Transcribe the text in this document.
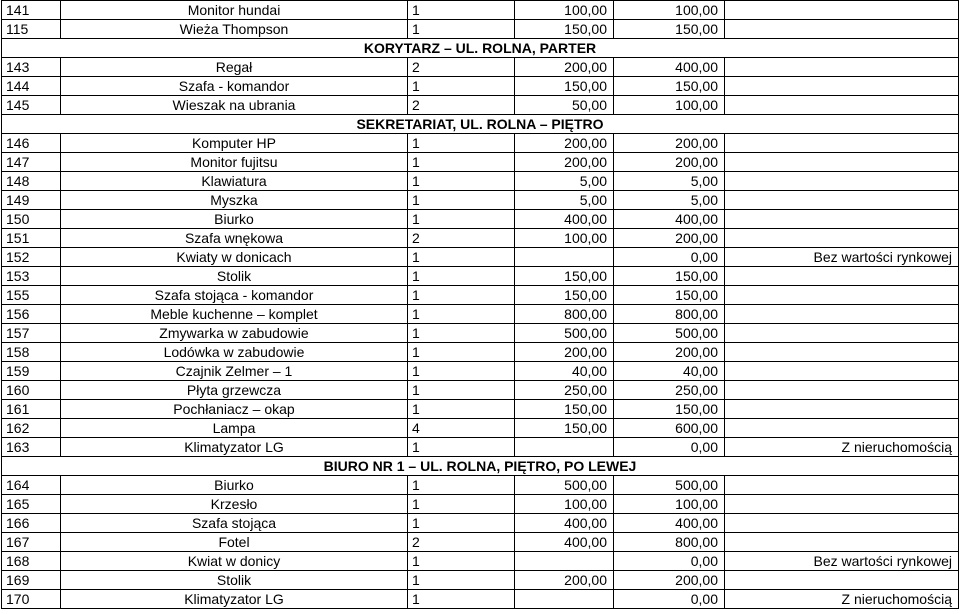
141	Monitor hundai	1	100,00	100,00	
115	Wieża Thompson	1	150,00	150,00	
KORYTARZ – UL. ROLNA, PARTER					
143	Regał	2	200,00	400,00	
144	Szafa - komandor	1	150,00	150,00	
145	Wieszak na ubrania	2	50,00	100,00	
SEKRETARIAT, UL. ROLNA – PIĘTRO					
146	Komputer HP	1	200,00	200,00	
147	Monitor fujitsu	1	200,00	200,00	
148	Klawiatura	1	5,00	5,00	
149	Myszka	1	5,00	5,00	
150	Biurko	1	400,00	400,00	
151	Szafa wnękowa	2	100,00	200,00	
152	Kwiaty w donicach	1		0,00	Bez wartości rynkowej
153	Stolik	1	150,00	150,00	
155	Szafa stojąca - komandor	1	150,00	150,00	
156	Meble kuchenne – komplet	1	800,00	800,00	
157	Zmywarka w zabudowie	1	500,00	500,00	
158	Lodówka w zabudowie	1	200,00	200,00	
159	Czajnik Zelmer – 1	1	40,00	40,00	
160	Płyta grzewcza	1	250,00	250,00	
161	Pochłaniacz – okap	1	150,00	150,00	
162	Lampa	4	150,00	600,00	
163	Klimatyzator LG	1		0,00	Z nieruchomością
BIURO NR 1 – UL. ROLNA, PIĘTRO, PO LEWEJ					
164	Biurko	1	500,00	500,00	
165	Krzesło	1	100,00	100,00	
166	Szafa stojąca	1	400,00	400,00	
167	Fotel	2	400,00	800,00	
168	Kwiat w donicy	1		0,00	Bez wartości rynkowej
169	Stolik	1	200,00	200,00	
170	Klimatyzator LG	1		0,00	Z nieruchomością
